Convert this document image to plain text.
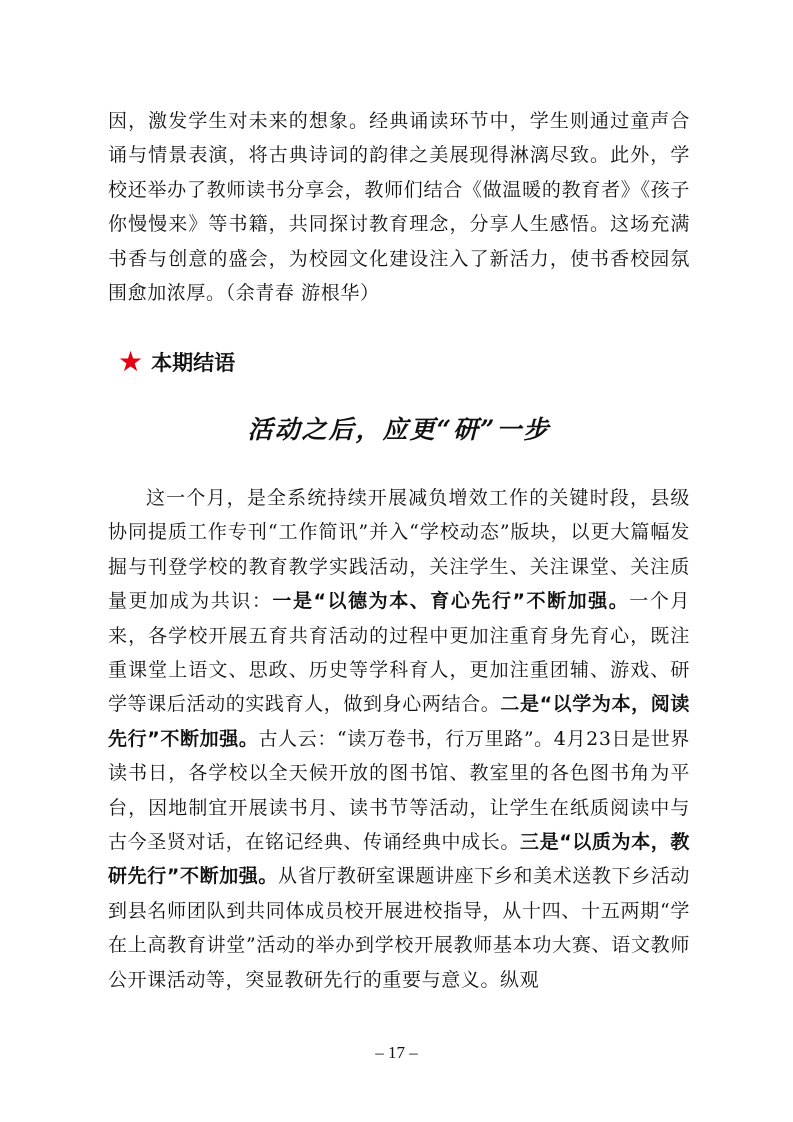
因，激发学生对未来的想象。经典诵读环节中，学生则通过童声合诵与情景表演，将古典诗词的韵律之美展现得淋漓尽致。此外，学校还举办了教师读书分享会，教师们结合《做温暖的教育者》《孩子你慢慢来》等书籍，共同探讨教育理念，分享人生感悟。这场充满书香与创意的盛会，为校园文化建设注入了新活力，使书香校园氛围愈加浓厚。（余青春 游根华）

★ 本期结语
活动之后，应更“研”一步

这一个月，是全系统持续开展减负增效工作的关键时段，县级协同提质工作专刊“工作简讯”并入“学校动态”版块，以更大篇幅发掘与刊登学校的教育教学实践活动，关注学生、关注课堂、关注质量更加成为共识：一是“以德为本、育心先行”不断加强。一个月来，各学校开展五育共育活动的过程中更加注重育身先育心，既注重课堂上语文、思政、历史等学科育人，更加注重团辅、游戏、研学等课后活动的实践育人，做到身心两结合。二是“以学为本，阅读先行”不断加强。古人云：“读万卷书，行万里路”。4月23日是世界读书日，各学校以全天候开放的图书馆、教室里的各色图书角为平台，因地制宜开展读书月、读书节等活动，让学生在纸质阅读中与古今圣贤对话，在铭记经典、传诵经典中成长。三是“以质为本，教研先行”不断加强。从省厅教研室课题讲座下乡和美术送教下乡活动到县名师团队到共同体成员校开展进校指导，从十四、十五两期“学在上高教育讲堂”活动的举办到学校开展教师基本功大赛、语文教师公开课活动等，突显教研先行的重要与意义。纵观

– 17 –
